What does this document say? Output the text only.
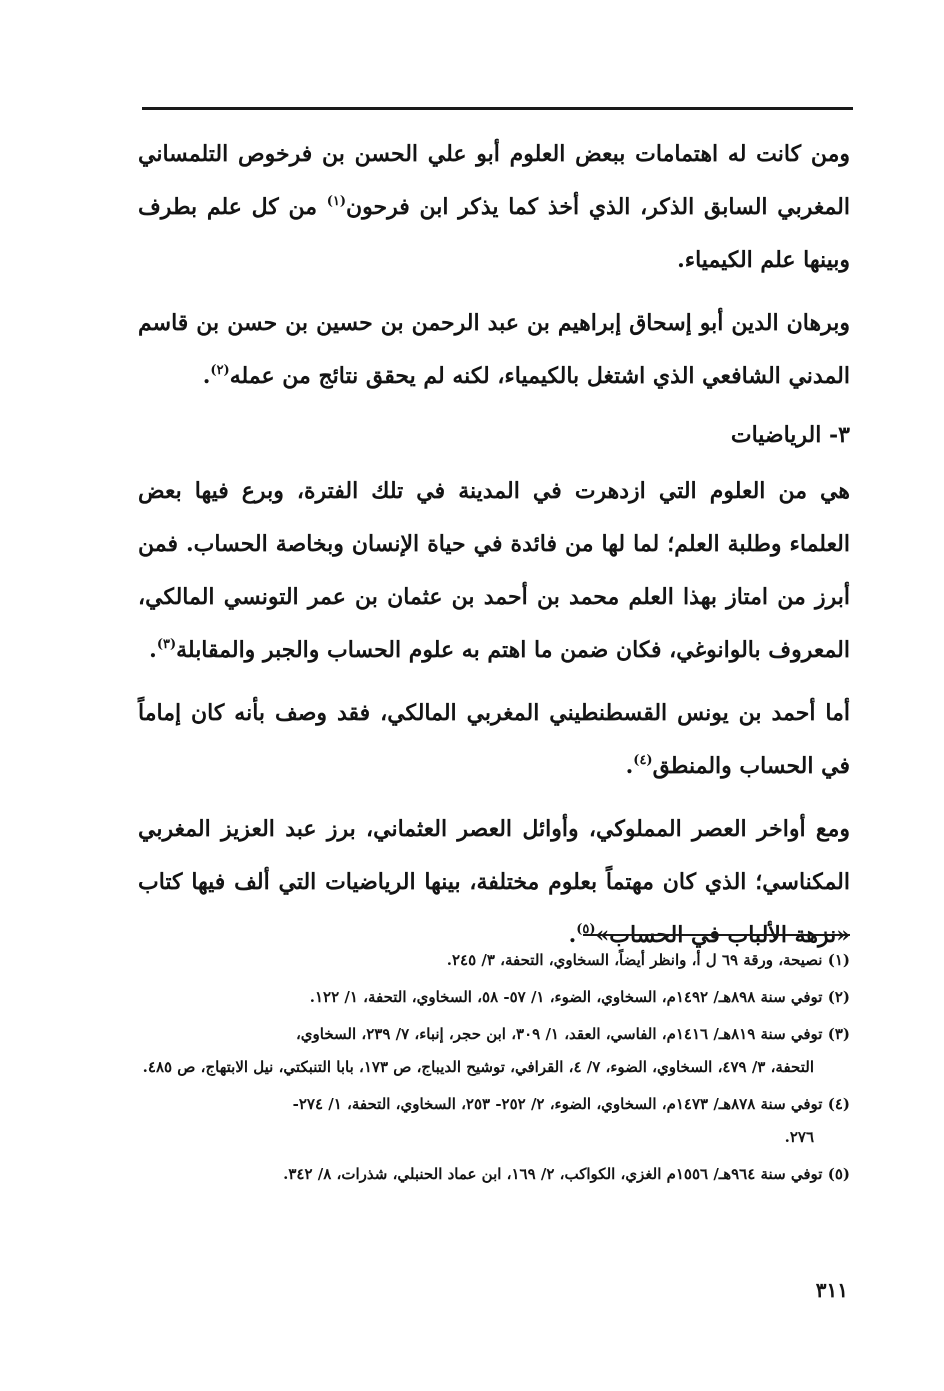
ومن كانت له اهتمامات ببعض العلوم أبو علي الحسن بن فرخوص التلمساني المغربي السابق الذكر، الذي أخذ كما يذكر ابن فرحون$^{(١)}$ من كل علم بطرف وبينها علم الكيمياء.

وبرهان الدين أبو إسحاق إبراهيم بن عبد الرحمن بن حسين بن حسن بن قاسم المدني الشافعي الذي اشتغل بالكيمياء، لكنه لم يحقق نتائج من عمله$^{(٢)}$.

٣- الرياضيات

هي من العلوم التي ازدهرت في المدينة في تلك الفترة، وبرع فيها بعض العلماء وطلبة العلم؛ لما لها من فائدة في حياة الإنسان وبخاصة الحساب. فمن أبرز من امتاز بهذا العلم محمد بن أحمد بن عثمان بن عمر التونسي المالكي، المعروف بالوانوغي، فكان ضمن ما اهتم به علوم الحساب والجبر والمقابلة$^{(٣)}$.

أما أحمد بن يونس القسطنطيني المغربي المالكي، فقد وصف بأنه كان إماماً في الحساب والمنطق$^{(٤)}$.

ومع أواخر العصر المملوكي، وأوائل العصر العثماني، برز عبد العزيز المغربي المكناسي؛ الذي كان مهتماً بعلوم مختلفة، بينها الرياضيات التي ألف فيها كتاب «نزهة الألباب في الحساب»$^{(٥)}$.

(١) نصيحة، ورقة ٦٩ ل أ، وانظر أيضاً، السخاوي، التحفة، ٣/ ٢٤٥.
(٢) توفي سنة ٨٩٨هـ/ ١٤٩٢م، السخاوي، الضوء، ١/ ٥٧- ٥٨، السخاوي، التحفة، ١/ ١٢٢.
(٣) توفي سنة ٨١٩هـ/ ١٤١٦م، الفاسي، العقد، ١/ ٣٠٩، ابن حجر، إنباء، ٧/ ٢٣٩، السخاوي،
التحفة، ٣/ ٤٧٩، السخاوي، الضوء، ٧/ ٤، القرافي، توشيح الديباج، ص ١٧٣، بابا التنبكتي، نيل الابتهاج، ص ٤٨٥.
(٤) توفي سنة ٨٧٨هـ/ ١٤٧٣م، السخاوي، الضوء، ٢/ ٢٥٢- ٢٥٣، السخاوي، التحفة، ١/ ٢٧٤-
٢٧٦.
(٥) توفي سنة ٩٦٤هـ/ ١٥٥٦م الغزي، الكواكب، ٢/ ١٦٩، ابن عماد الحنبلي، شذرات، ٨/ ٣٤٢.
٣١١
